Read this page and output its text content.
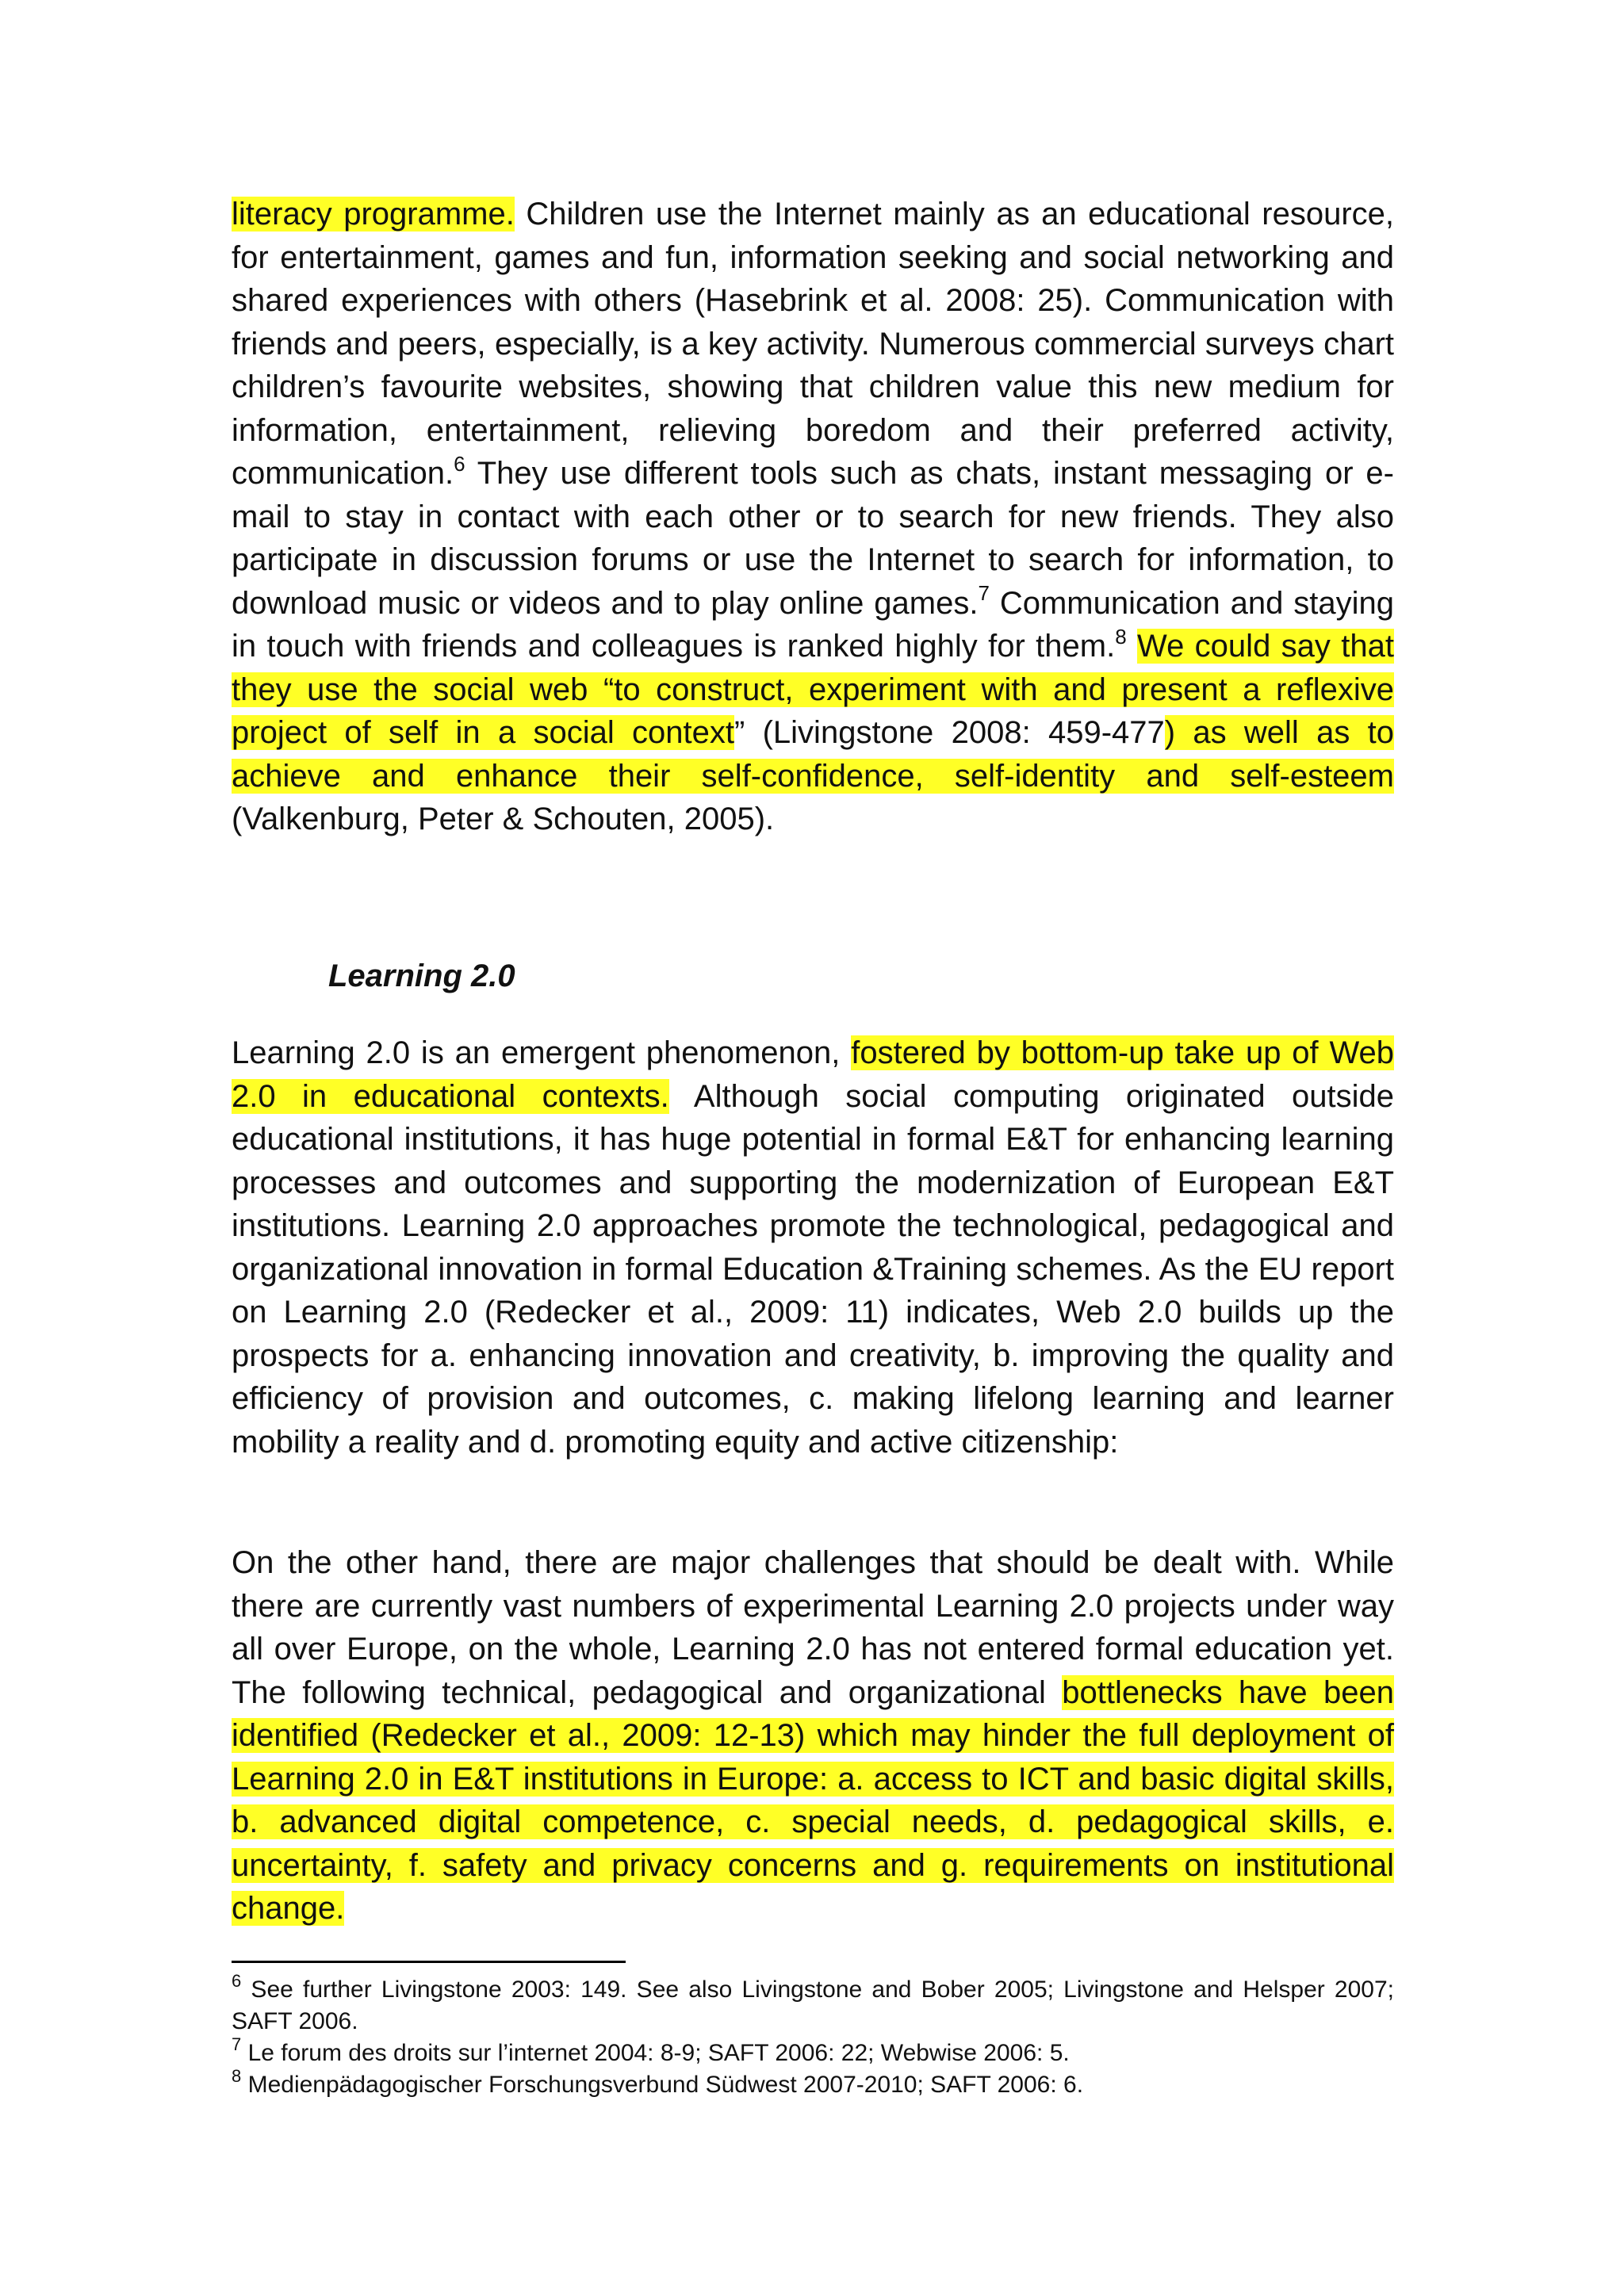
literacy programme. Children use the Internet mainly as an educational resource, for entertainment, games and fun, information seeking and social networking and shared experiences with others (Hasebrink et al. 2008: 25). Communication with friends and peers, especially, is a key activity. Numerous commercial surveys chart children’s favourite websites, showing that children value this new medium for information, entertainment, relieving boredom and their preferred activity, communication.$^6$ They use different tools such as chats, instant messaging or e-mail to stay in contact with each other or to search for new friends. They also participate in discussion forums or use the Internet to search for information, to download music or videos and to play online games.$^7$ Communication and staying in touch with friends and colleagues is ranked highly for them.$^8$ We could say that they use the social web “to construct, experiment with and present a reflexive project of self in a social context” (Livingstone 2008: 459-477) as well as to achieve and enhance their self-confidence, self-identity and self-esteem (Valkenburg, Peter & Schouten, 2005).
Learning 2.0
Learning 2.0 is an emergent phenomenon, fostered by bottom-up take up of Web 2.0 in educational contexts. Although social computing originated outside educational institutions, it has huge potential in formal E&T for enhancing learning processes and outcomes and supporting the modernization of European E&T institutions. Learning 2.0 approaches promote the technological, pedagogical and organizational innovation in formal Education &Training schemes. As the EU report on Learning 2.0 (Redecker et al., 2009: 11) indicates, Web 2.0 builds up the prospects for a. enhancing innovation and creativity, b. improving the quality and efficiency of provision and outcomes, c. making lifelong learning and learner mobility a reality and d. promoting equity and active citizenship:
On the other hand, there are major challenges that should be dealt with. While there are currently vast numbers of experimental Learning 2.0 projects under way all over Europe, on the whole, Learning 2.0 has not entered formal education yet. The following technical, pedagogical and organizational bottlenecks have been identified (Redecker et al., 2009: 12-13) which may hinder the full deployment of Learning 2.0 in E&T institutions in Europe: a. access to ICT and basic digital skills, b. advanced digital competence, c. special needs, d. pedagogical skills, e. uncertainty, f. safety and privacy concerns and g. requirements on institutional change.

$^6$ See further Livingstone 2003: 149. See also Livingstone and Bober 2005; Livingstone and Helsper 2007; SAFT 2006.

$^7$ Le forum des droits sur l’internet 2004: 8-9; SAFT 2006: 22; Webwise 2006: 5.

$^8$ Medienpädagogischer Forschungsverbund Südwest 2007-2010; SAFT 2006: 6.
